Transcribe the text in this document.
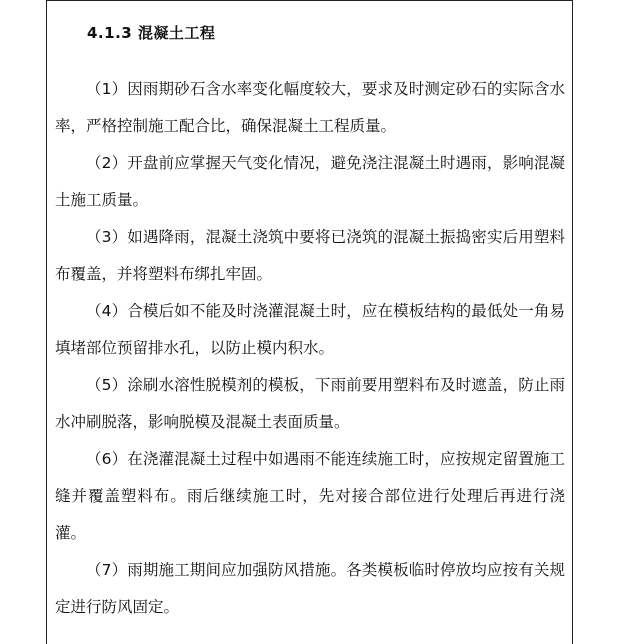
4.1.3 混凝土工程
（1）因雨期砂石含水率变化幅度较大，要求及时测定砂石的实际含水率，严格控制施工配合比，确保混凝土工程质量。
（2）开盘前应掌握天气变化情况，避免浇注混凝土时遇雨，影响混凝土施工质量。
（3）如遇降雨，混凝土浇筑中要将已浇筑的混凝土振捣密实后用塑料布覆盖，并将塑料布绑扎牢固。
（4）合模后如不能及时浇灌混凝土时，应在模板结构的最低处一角易填堵部位预留排水孔，以防止模内积水。
（5）涂刷水溶性脱模剂的模板，下雨前要用塑料布及时遮盖，防止雨水冲刷脱落，影响脱模及混凝土表面质量。
（6）在浇灌混凝土过程中如遇雨不能连续施工时，应按规定留置施工缝并覆盖塑料布。雨后继续施工时，先对接合部位进行处理后再进行浇灌。
（7）雨期施工期间应加强防风措施。各类模板临时停放均应按有关规定进行防风固定。
